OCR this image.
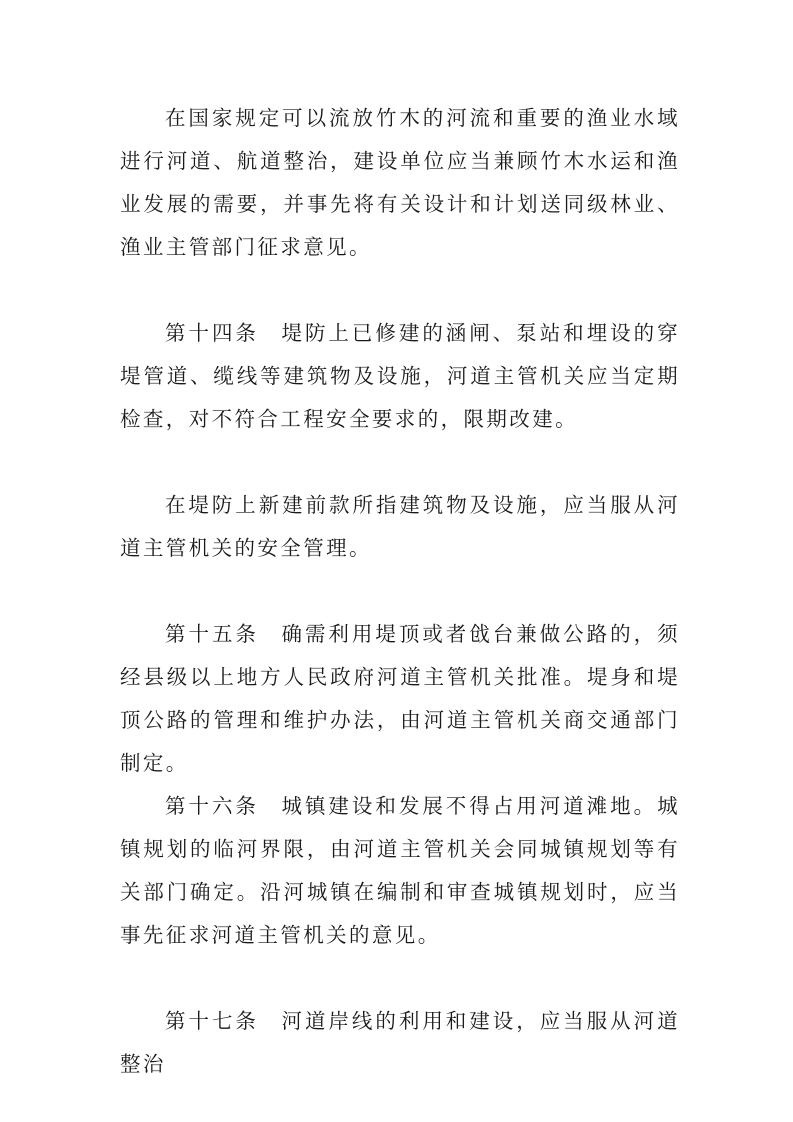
在国家规定可以流放竹木的河流和重要的渔业水域进行河道、航道整治，建设单位应当兼顾竹木水运和渔业发展的需要，并事先将有关设计和计划送同级林业、渔业主管部门征求意见。

第十四条 堤防上已修建的涵闸、泵站和埋设的穿堤管道、缆线等建筑物及设施，河道主管机关应当定期检查，对不符合工程安全要求的，限期改建。

在堤防上新建前款所指建筑物及设施，应当服从河道主管机关的安全管理。

第十五条 确需利用堤顶或者戗台兼做公路的，须经县级以上地方人民政府河道主管机关批准。堤身和堤顶公路的管理和维护办法，由河道主管机关商交通部门制定。

第十六条 城镇建设和发展不得占用河道滩地。城镇规划的临河界限，由河道主管机关会同城镇规划等有关部门确定。沿河城镇在编制和审查城镇规划时，应当事先征求河道主管机关的意见。

第十七条 河道岸线的利用和建设，应当服从河道整治
